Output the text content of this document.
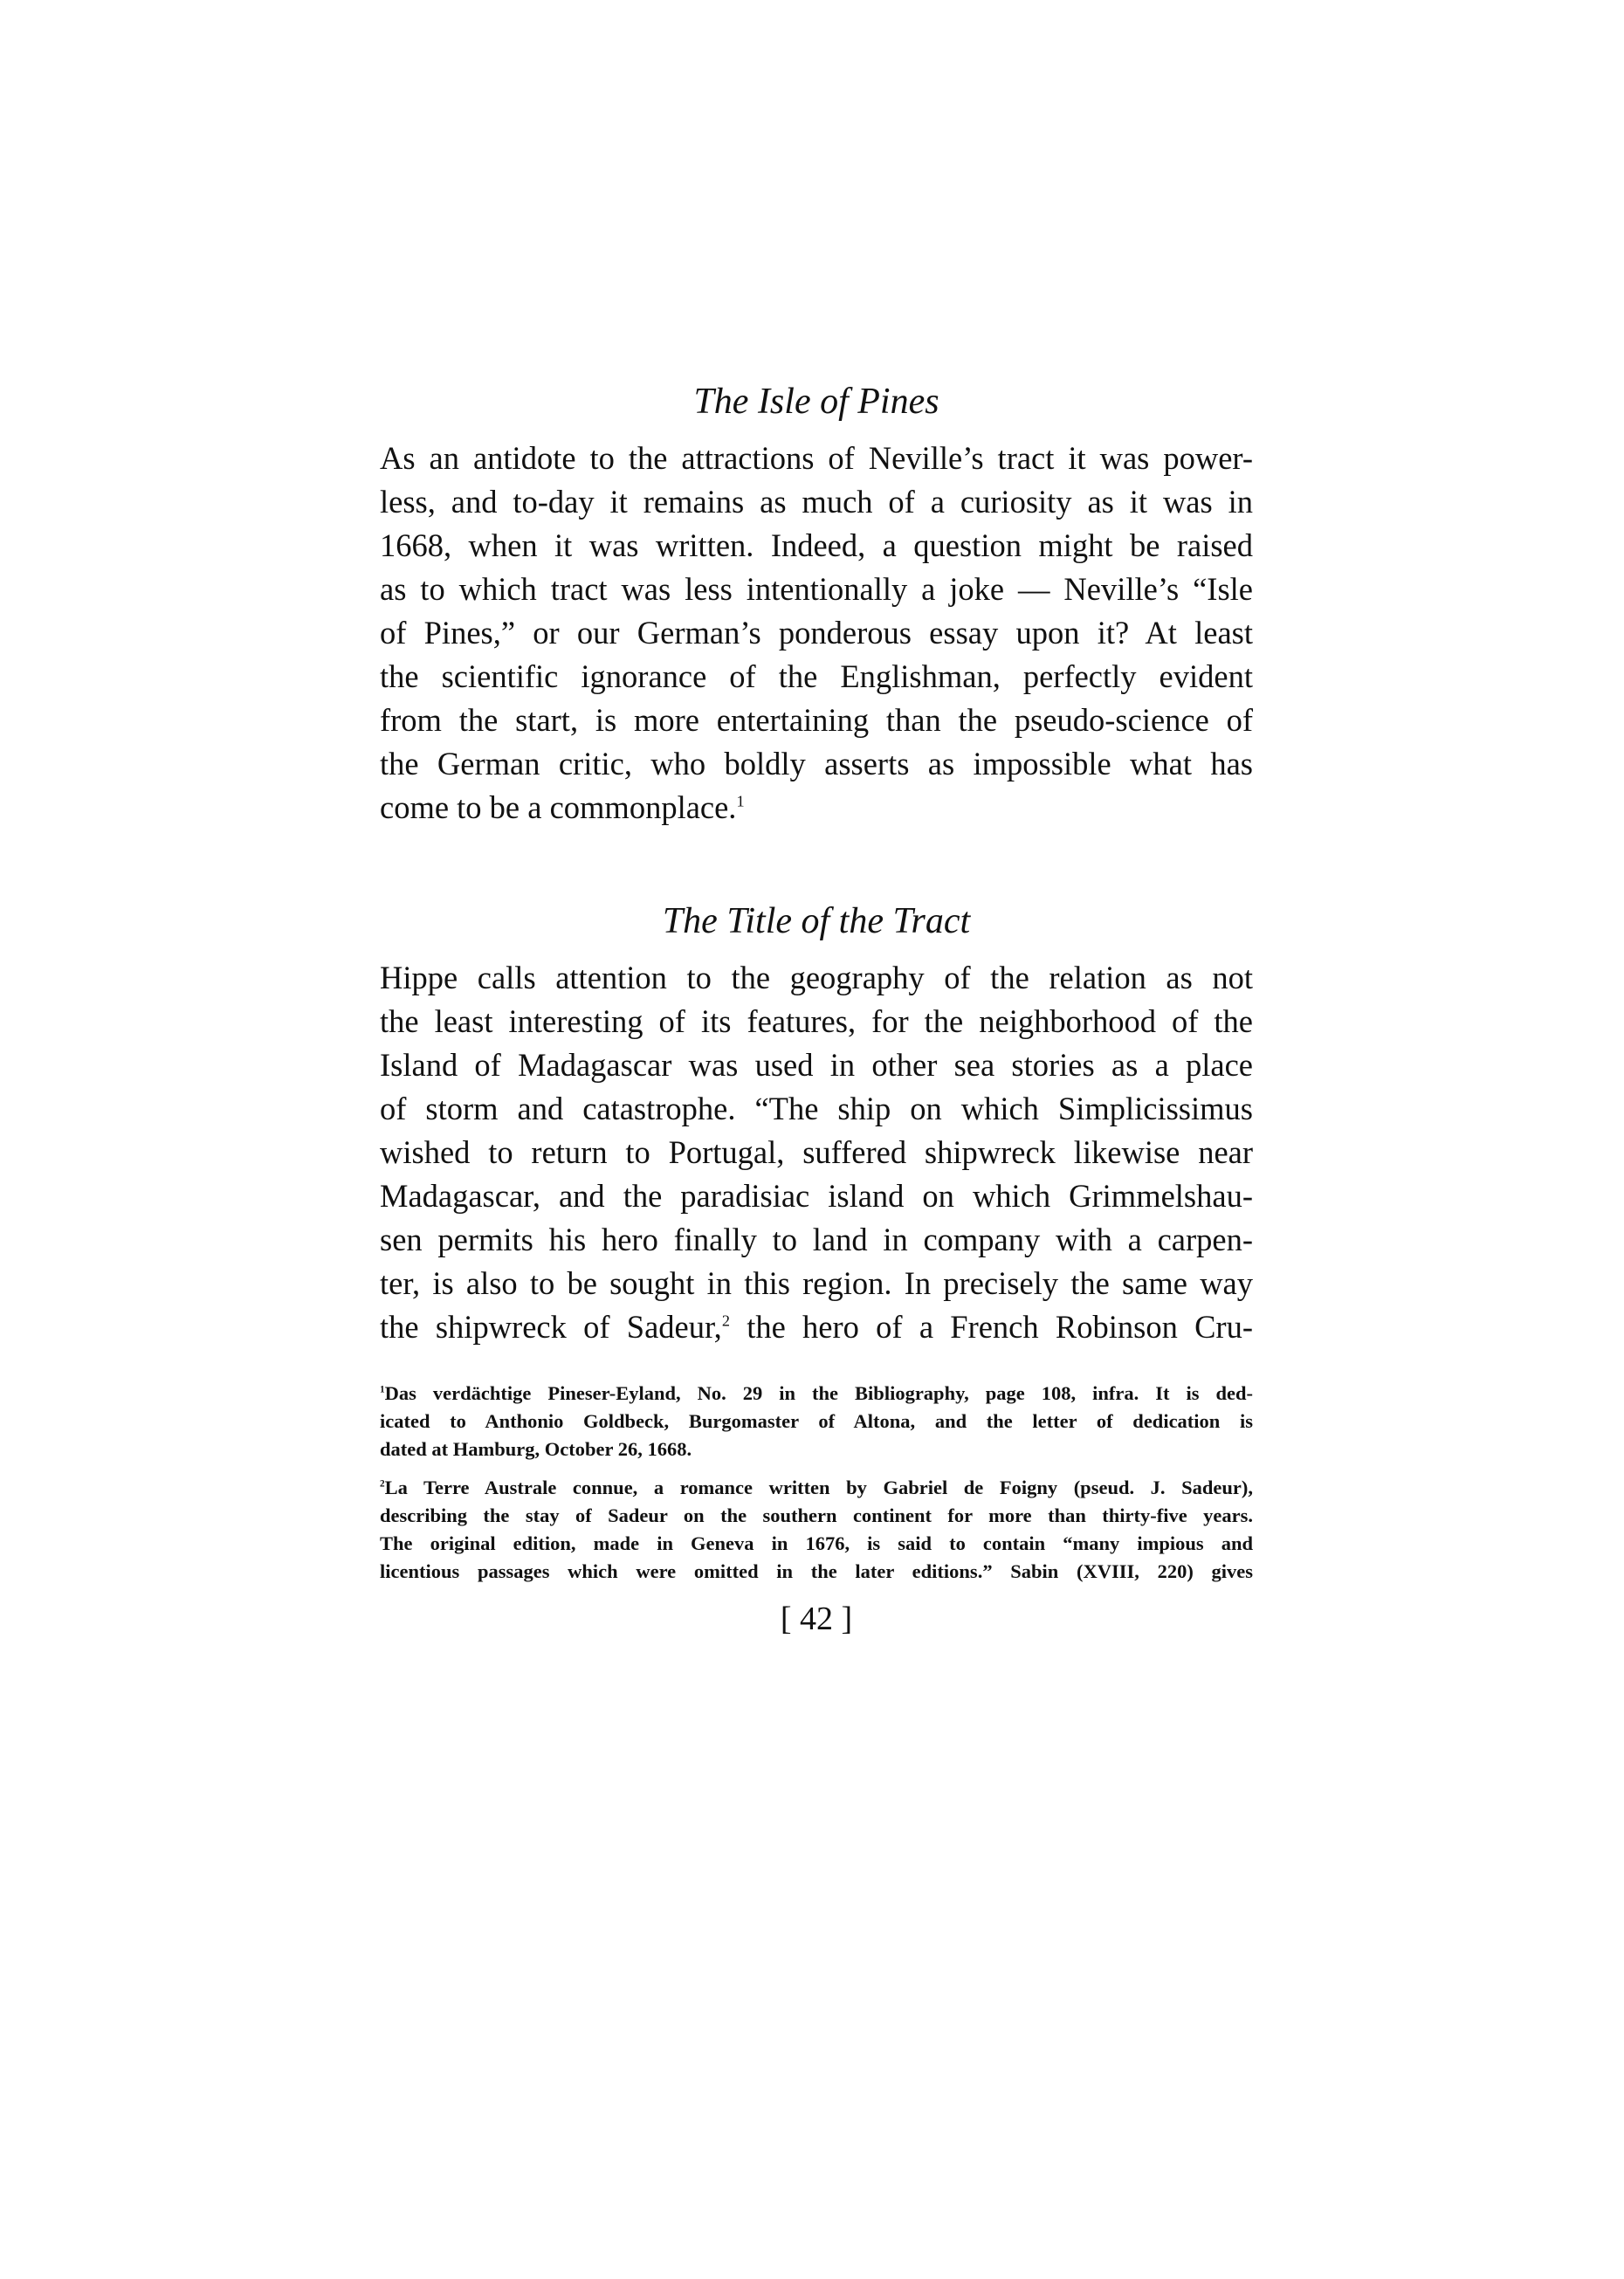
The Isle of Pines
As an antidote to the attractions of Neville’s tract it was power-
less, and to-day it remains as much of a curiosity as it was in
1668, when it was written. Indeed, a question might be raised
as to which tract was less intentionally a joke — Neville’s “Isle
of Pines,” or our German’s ponderous essay upon it? At least
the scientific ignorance of the Englishman, perfectly evident
from the start, is more entertaining than the pseudo-science of
the German critic, who boldly asserts as impossible what has
come to be a commonplace.$^1$
The Title of the Tract
Hippe calls attention to the geography of the relation as not
the least interesting of its features, for the neighborhood of the
Island of Madagascar was used in other sea stories as a place
of storm and catastrophe. “The ship on which Simplicissimus
wished to return to Portugal, suffered shipwreck likewise near
Madagascar, and the paradisiac island on which Grimmelshau-
sen permits his hero finally to land in company with a carpen-
ter, is also to be sought in this region. In precisely the same way
the shipwreck of Sadeur,$^2$ the hero of a French Robinson Cru-
$^1$Das verdächtige Pineser-Eyland, No. 29 in the Bibliography, page 108, infra. It is ded-
icated to Anthonio Goldbeck, Burgomaster of Altona, and the letter of dedication is
dated at Hamburg, October 26, 1668.
$^2$La Terre Australe connue, a romance written by Gabriel de Foigny (pseud. J. Sadeur),
describing the stay of Sadeur on the southern continent for more than thirty-five years.
The original edition, made in Geneva in 1676, is said to contain “many impious and
licentious passages which were omitted in the later editions.” Sabin (XVIII, 220) gives
[ 42 ]
